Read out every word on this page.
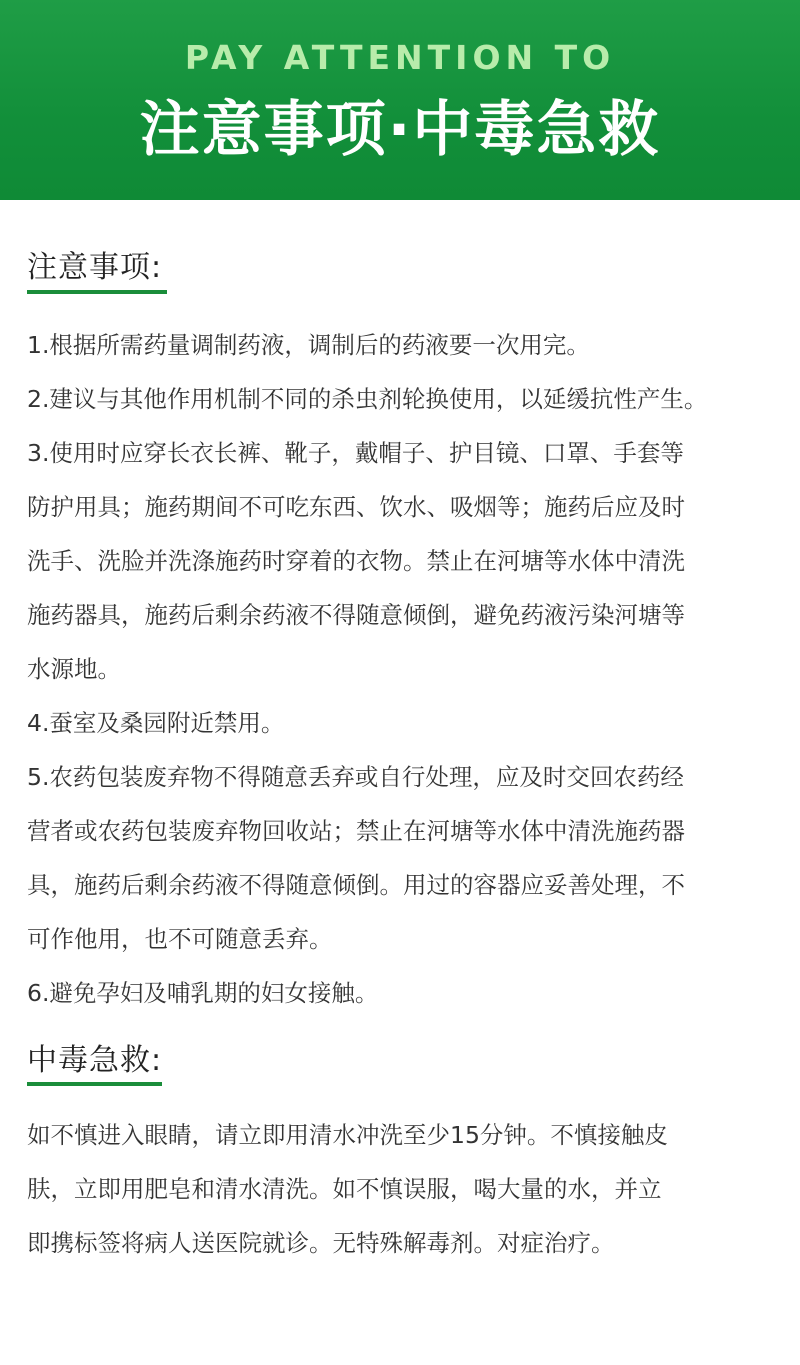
PAY ATTENTION TO
注意事项·中毒急救
注意事项:
1.根据所需药量调制药液，调制后的药液要一次用完。
2.建议与其他作用机制不同的杀虫剂轮换使用，以延缓抗性产生。
3.使用时应穿长衣长裤、靴子，戴帽子、护目镜、口罩、手套等
防护用具；施药期间不可吃东西、饮水、吸烟等；施药后应及时
洗手、洗脸并洗涤施药时穿着的衣物。禁止在河塘等水体中清洗
施药器具，施药后剩余药液不得随意倾倒，避免药液污染河塘等
水源地。
4.蚕室及桑园附近禁用。
5.农药包装废弃物不得随意丢弃或自行处理，应及时交回农药经
营者或农药包装废弃物回收站；禁止在河塘等水体中清洗施药器
具，施药后剩余药液不得随意倾倒。用过的容器应妥善处理，不
可作他用，也不可随意丢弃。
6.避免孕妇及哺乳期的妇女接触。
中毒急救:
如不慎进入眼睛，请立即用清水冲洗至少15分钟。不慎接触皮
肤，立即用肥皂和清水清洗。如不慎误服，喝大量的水，并立
即携标签将病人送医院就诊。无特殊解毒剂。对症治疗。
